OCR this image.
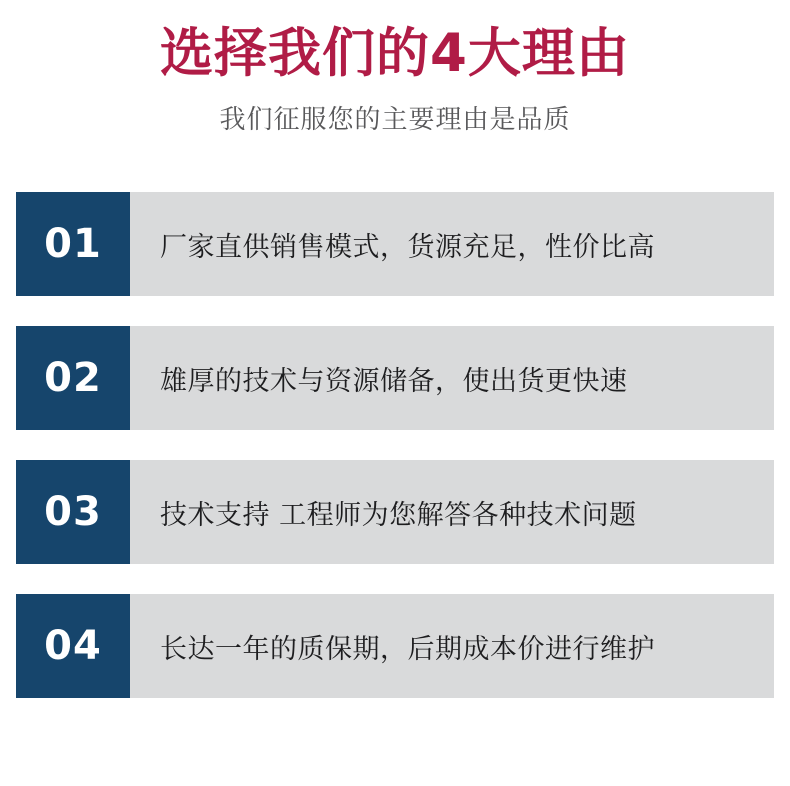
选择我们的4大理由

我们征服您的主要理由是品质

01	厂家直供销售模式，货源充足，性价比高
02	雄厚的技术与资源储备，使出货更快速
03	技术支持 工程师为您解答各种技术问题
04	长达一年的质保期，后期成本价进行维护
